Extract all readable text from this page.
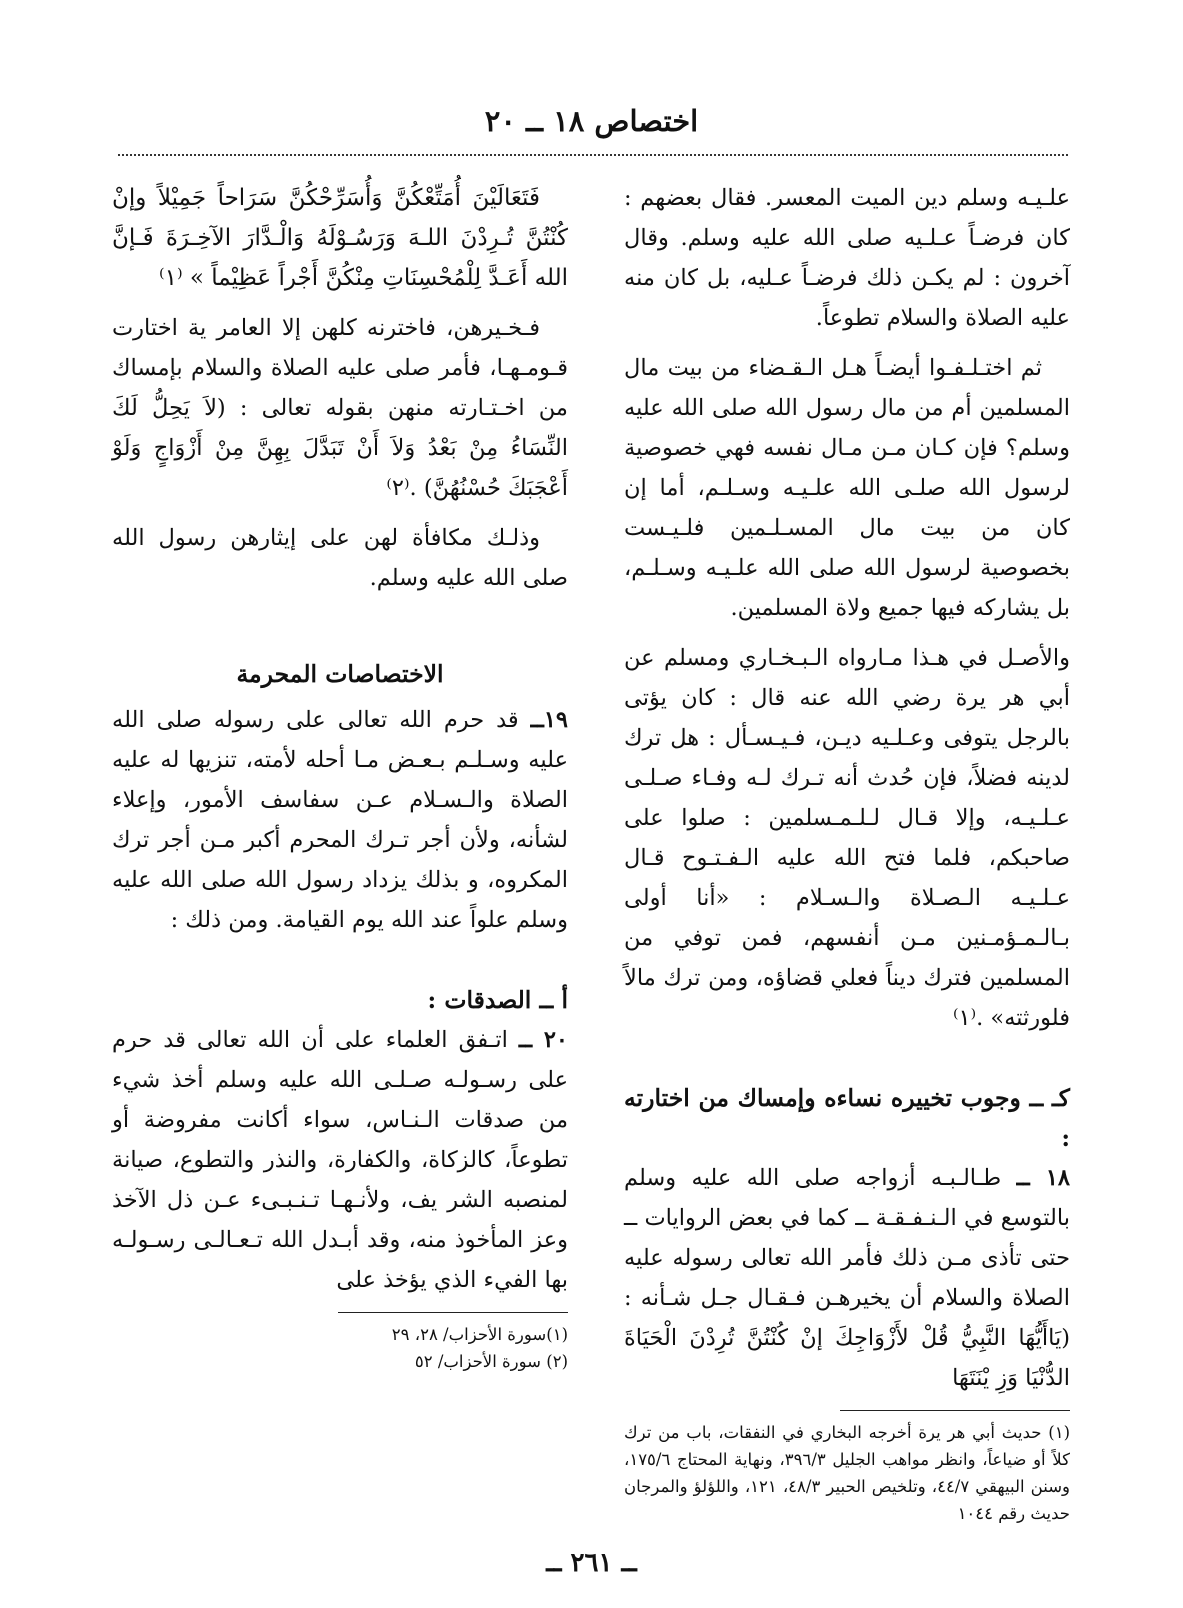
اختصاص ١٨ ــ ٢٠

علـيـه وسلم دين الميت المعسر. فقال بعضهم : كان فرضـاً عـلـيه صلى الله عليه وسلم. وقال آخرون : لم يكـن ذلك فرضـاً عـليه، بل كان منه عليه الصلاة والسلام تطوعاً.

ثم اختـلـفـوا أيضـاً هـل الـقـضاء من بيت مال المسلمين أم من مال رسول الله صلى الله عليه وسلم؟ فإن كـان مـن مـال نفسه فهي خصوصية لرسول الله صلـى الله علـيـه وسـلـم، أما إن كان من بيت مال المسـلـمين فلـيـست بخصوصية لرسول الله صلى الله علـيـه وسـلـم، بل يشاركه فيها جميع ولاة المسلمين.

والأصـل في هـذا مـاروا‌ه الـبـخـاري ومسلم عن أبي هر يرة رضي الله عنه قال : كان يؤتى بالرجل يتوفى وعـلـيه ديـن، فـيـسـأل : هل ترك لدينه فضلاً، فإن حُدث أنه تـرك لـه وفـاء صـلـى عـلـيـه، وإلا قـال لـلـمـسلمين : صلوا على صاحبكم، فلما فتح الله عليه الـفـتـوح قـال عـلـيـه الـصـلاة والـسـلام : «أنا أولى بـالـمـؤمـنين مـن أنفسهم، فمن توفي من المسلمين فترك ديناً فعلي قضاؤه، ومن ترك مالاً فلورثته» .⁽١⁾

كـ ــ وجوب تخييره نساءه وإمساك من اختارته :

١٨ ــ طـالـبـه أزواجه صلى الله عليه وسلم بالتوسع في الـنـفـقـة ــ كما في بعض الروايات ــ حتى تأذى مـن ذلك فأمر الله تعالى رسوله عليه الصلاة والسلام أن يخيرهـن فـقـال جـل شـأنه : (يَاأَيُّهَا النَّبِيُّ قُلْ لأَزْوَاجِكَ إنْ كُنْتُنَّ تُرِدْنَ الْحَيَاةَ الدُّنْيَا وَزِ يْنَتَهَا

(١) حديث أبي هر يرة أخرجه البخاري في النفقات، باب من ترك كلاً أو ضياعاً، وانظر مواهب الجليل ٣٩٦/٣، ونهاية المحتاج ١٧٥/٦، وسنن البيهقي ٤٤/٧، وتلخيص الحبير ٤٨/٣، ١٢١، واللؤلؤ والمرجان حديث رقم ١٠٤٤

فَتَعَالَيْنَ أُمَتِّعْكُنَّ وَأُسَرِّحْكُنَّ سَرَاحاً جَمِيْلاً وإنْ كُنْتُنَّ تُـرِدْنَ اللـهَ وَرَسُـوْلَهُ وَالْـدَّارَ الآخِـرَةَ فَـإنَّ الله أَعَـدَّ لِلْمُحْسِنَاتِ مِنْكُنَّ أَجْراً عَظِيْماً » ⁽١⁾

فـخـيرهن، فاخترنه كلهن إلا العامر ية اختارت قـومـهـا، فأمر صلى عليه الصلاة والسلام بإمساك من اخـتـارته منهن بقوله تعالى : (لاَ يَحِلُّ لَكَ النِّسَاءُ مِنْ بَعْدُ وَلاَ أَنْ تَبَدَّلَ بِهِنَّ مِنْ أَزْوَاجٍ وَلَوْ أَعْجَبَكَ حُسْنُهُنَّ) .⁽٢⁾

وذلـك مكافأة لهن على إيثارهن رسول الله صلى الله عليه وسلم.

الاختصاصات المحرمة

١٩ــ قد حرم الله تعالى على رسوله صلى الله عليه وسـلـم بـعـض مـا أحله لأمته، تنزيها له عليه الصلاة والـسـلام عـن سفاسف الأمور، وإعلاء لشأنه، ولأن أجر تـرك المحرم أكبر مـن أجر ترك المكروه، و بذلك يزداد رسول الله صلى الله عليه وسلم علواً عند الله يوم القيامة. ومن ذلك :

أ ــ الصدقات :

٢٠ ــ اتـفق العلماء على أن الله تعالى قد حرم على رسـولـه صـلـى الله عليه وسلم أخذ شيء من صدقات الـنـاس، سواء أكانت مفروضة أو تطوعاً، كالزكاة، والكفارة، والنذر والتطوع، صيانة لمنصبه الشر يف، ولأنـهـا تـنـبـىء عـن ذل الآخذ وعز المأخوذ منه، وقد أبـدل الله تـعـالـى رسـولـه بها الفيء الذي يؤخذ على

(١)سورة الأحزاب/ ٢٨، ٢٩
(٢) سورة الأحزاب/ ٥٢
ــ ٢٦١ ــ
